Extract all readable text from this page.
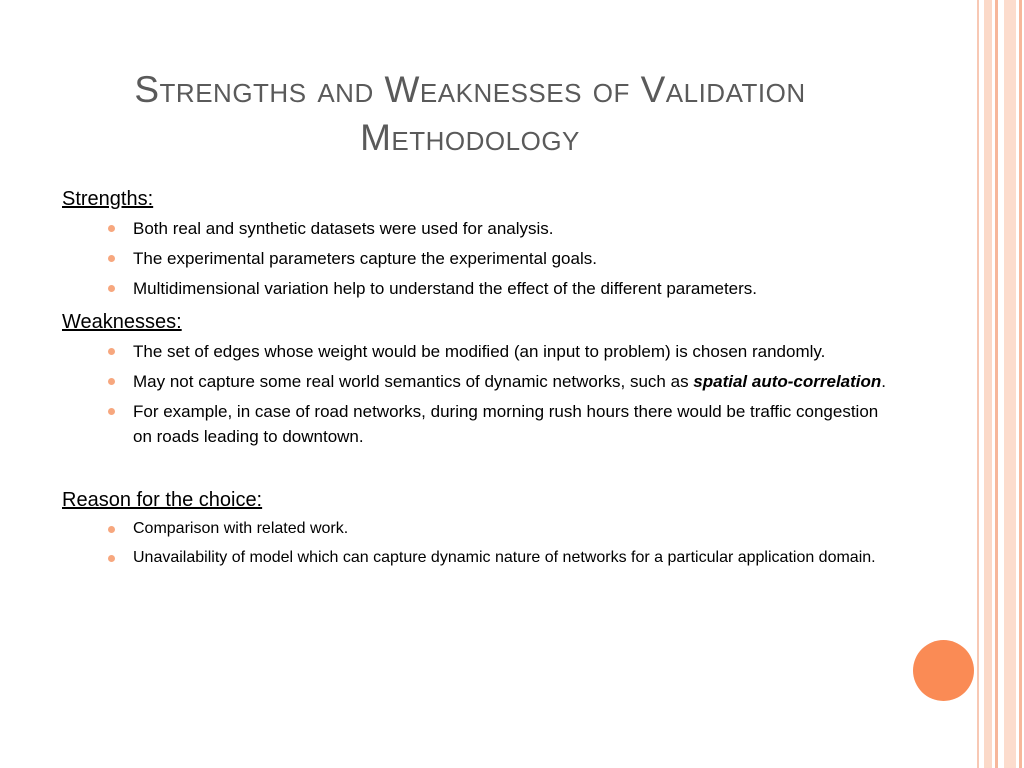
Strengths and Weaknesses of Validation Methodology
Strengths:
Both real and synthetic datasets were used for analysis.
The experimental parameters capture the experimental goals.
Multidimensional variation help to understand the effect of the different parameters.
Weaknesses:
The set of edges whose weight would be modified (an input to problem) is chosen randomly.
May not capture some real world semantics of dynamic networks, such as spatial auto-correlation.
For example, in case of road networks, during morning rush hours there would be traffic congestion on roads leading to downtown.
Reason for the choice:
Comparison with related work.
Unavailability of model which can capture dynamic nature of networks for a particular application domain.
